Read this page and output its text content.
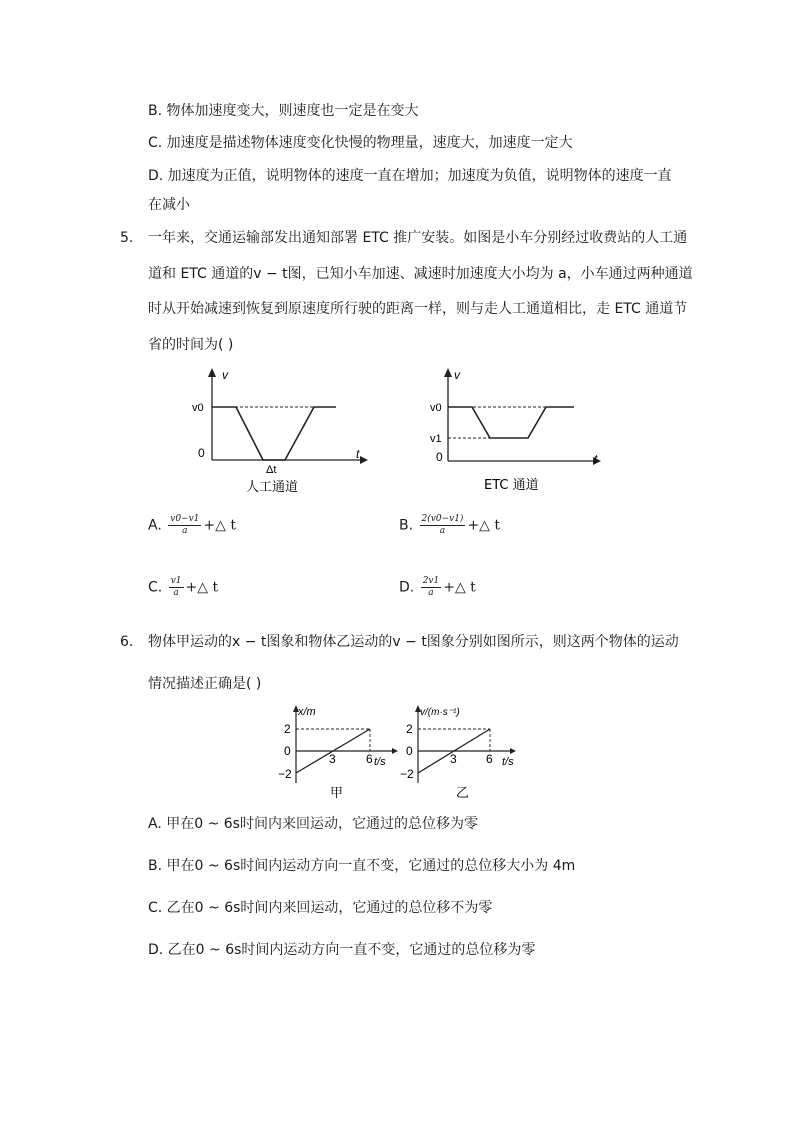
B. 物体加速度变大，则速度也一定是在变大
C. 加速度是描述物体速度变化快慢的物理量，速度大，加速度一定大
D. 加速度为正值，说明物体的速度一直在增加；加速度为负值，说明物体的速度一直
在减小
5. 一年来，交通运输部发出通知部署 ETC 推广安装。如图是小车分别经过收费站的人工通
道和 ETC 通道的v − t图，已知小车加速、减速时加速度大小均为 a，小车通过两种通道
时从开始减速到恢复到原速度所行驶的距离一样，则与走人工通道相比，走 ETC 通道节
省的时间为( )
v
t
v0
0
Δt
人工通道
v
t
v0
v1
0
ETC 通道
A. $\frac{v0-v1}{a}$ +△ t	B. $\frac{2(v0-v1)}{a}$ +△ t
C. $\frac{v1}{a}$ +△ t	D. $\frac{2v1}{a}$ +△ t
6. 物体甲运动的x − t图象和物体乙运动的v − t图象分别如图所示，则这两个物体的运动
情况描述正确是( )
x/m
t/s
2
0
−2
3	6
甲
v/(m·s⁻¹)
t/s
2
0
−2
3 6
乙
A. 甲在0 ~ 6s时间内来回运动，它通过的总位移为零
B. 甲在0 ~ 6s时间内运动方向一直不变，它通过的总位移大小为 4m
C. 乙在0 ~ 6s时间内来回运动，它通过的总位移不为零
D. 乙在0 ~ 6s时间内运动方向一直不变，它通过的总位移为零
